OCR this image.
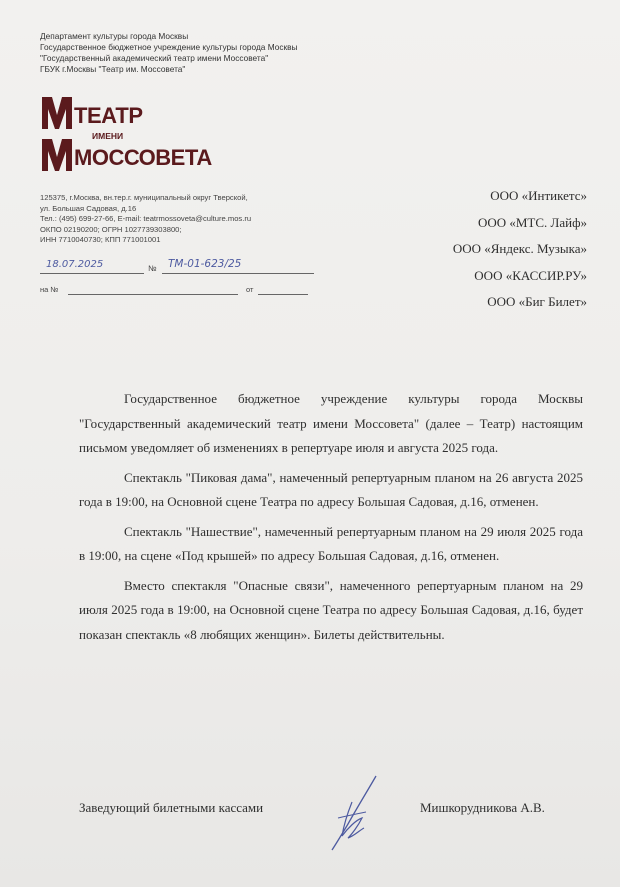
Департамент культуры города Москвы
Государственное бюджетное учреждение культуры города Москвы
"Государственный академический театр имени Моссовета"
ГБУК г.Москвы "Театр им. Моссовета"
ТЕАТР
ИМЕНИ
МОССОВЕТА
125375, г.Москва, вн.тер.г. муниципальный округ Тверской,
ул. Большая Садовая, д.16
Тел.: (495) 699-27-66, E-mail: teatrmossoveta@culture.mos.ru
ОКПО 02190200; ОГРН 1027739303800;
ИНН 7710040730; КПП 771001001
18.07.2025	№ ТМ-01-623/25
на №	от
ООО «Интикетс»
ООО «МТС. Лайф»
ООО «Яндекс. Музыка»
ООО «КАССИР.РУ»
ООО «Биг Билет»

Государственное бюджетное учреждение культуры города Москвы "Государственный академический театр имени Моссовета" (далее – Театр) настоящим письмом уведомляет об изменениях в репертуаре июля и августа 2025 года.

Спектакль "Пиковая дама", намеченный репертуарным планом на 26 августа 2025 года в 19:00, на Основной сцене Театра по адресу Большая Садовая, д.16, отменен.

Спектакль "Нашествие", намеченный репертуарным планом на 29 июля 2025 года в 19:00, на сцене «Под крышей» по адресу Большая Садовая, д.16, отменен.

Вместо спектакля "Опасные связи", намеченного репертуарным планом на 29 июля 2025 года в 19:00, на Основной сцене Театра по адресу Большая Садовая, д.16, будет показан спектакль «8 любящих женщин». Билеты действительны.

Заведующий билетными кассами	Мишкорудникова А.В.
